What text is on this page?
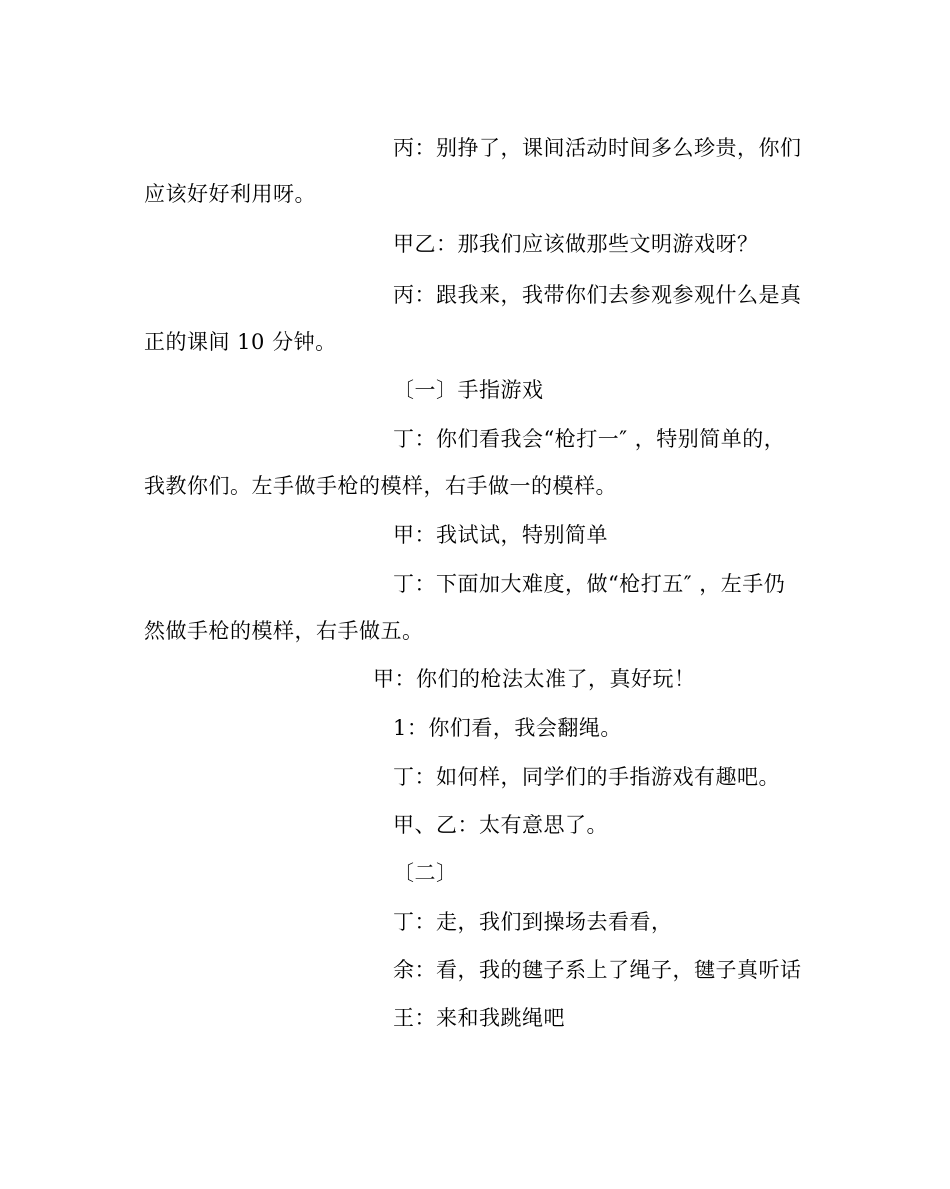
丙：别挣了，课间活动时间多么珍贵，你们
应该好好利用呀。
甲乙：那我们应该做那些文明游戏呀？
丙：跟我来，我带你们去参观参观什么是真
正的课间 10 分钟。
〔一〕手指游戏
丁：你们看我会“枪打一″ ，特别简单的，
我教你们。左手做手枪的模样，右手做一的模样。
甲：我试试，特别简单
丁：下面加大难度，做“枪打五″ ，左手仍
然做手枪的模样，右手做五。
甲：你们的枪法太准了，真好玩！
1：你们看，我会翻绳。
丁：如何样，同学们的手指游戏有趣吧。
甲、乙：太有意思了。
〔二〕
丁：走，我们到操场去看看，
余：看，我的毽子系上了绳子，毽子真听话
王：来和我跳绳吧
